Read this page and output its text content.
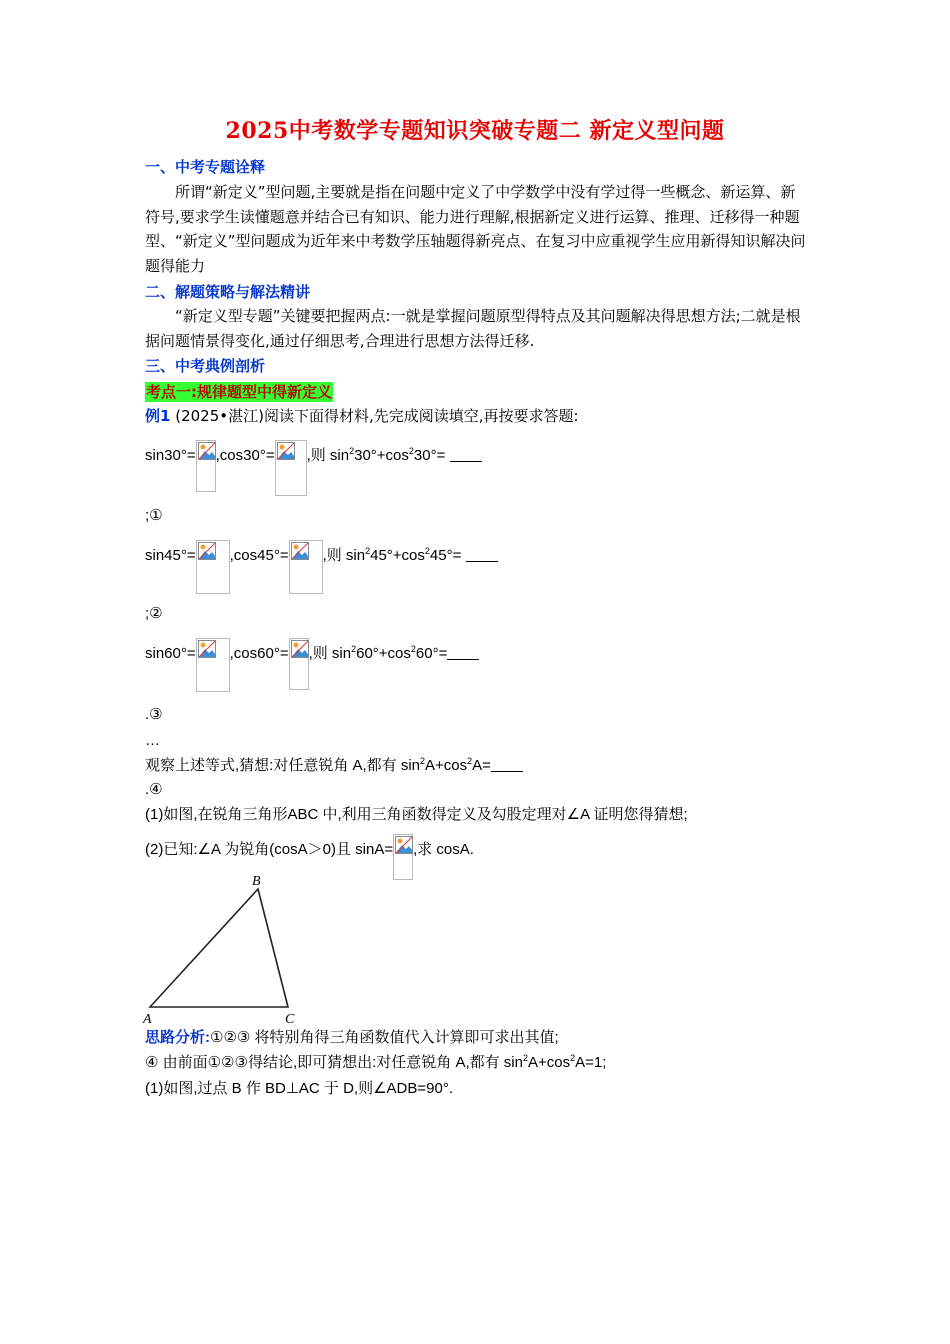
2025中考数学专题知识突破专题二 新定义型问题
一、中考专题诠释
所谓“新定义”型问题,主要就是指在问题中定义了中学数学中没有学过得一些概念、新运算、新符号,要求学生读懂题意并结合已有知识、能力进行理解,根据新定义进行运算、推理、迁移得一种题型、“新定义”型问题成为近年来中考数学压轴题得新亮点、在复习中应重视学生应用新得知识解决问题得能力
二、解题策略与解法精讲
“新定义型专题”关键要把握两点:一就是掌握问题原型得特点及其问题解决得思想方法;二就是根据问题情景得变化,通过仔细思考,合理进行思想方法得迁移.
三、中考典例剖析
考点一:规律题型中得新定义
例1 (2025•湛江)阅读下面得材料,先完成阅读填空,再按要求答题:
sin30°= ,cos30°= ,则 $\sin^230^\circ+\cos^230^\circ=$
;①
sin45°= ,cos45°= ,则 $\sin^245^\circ+\cos^245^\circ=$
;②
sin60°= ,cos60°= ,则 $\sin^260^\circ+\cos^260^\circ=$
.③
…
观察上述等式,猜想:对任意锐角 A,都有 $\sin^2A+\cos^2A=$
.④
(1)如图,在锐角三角形ABC 中,利用三角函数得定义及勾股定理对∠A 证明您得猜想;
(2)已知:∠A 为锐角(cosA＞0)且 sinA= ,求 cosA.
A
B
C
思路分析:①②③ 将特别角得三角函数值代入计算即可求出其值;
④ 由前面①②③得结论,即可猜想出:对任意锐角 A,都有 $\sin^2A+\cos^2A=1$;
(1)如图,过点 B 作 BD⊥AC 于 D,则∠ADB=90°.
